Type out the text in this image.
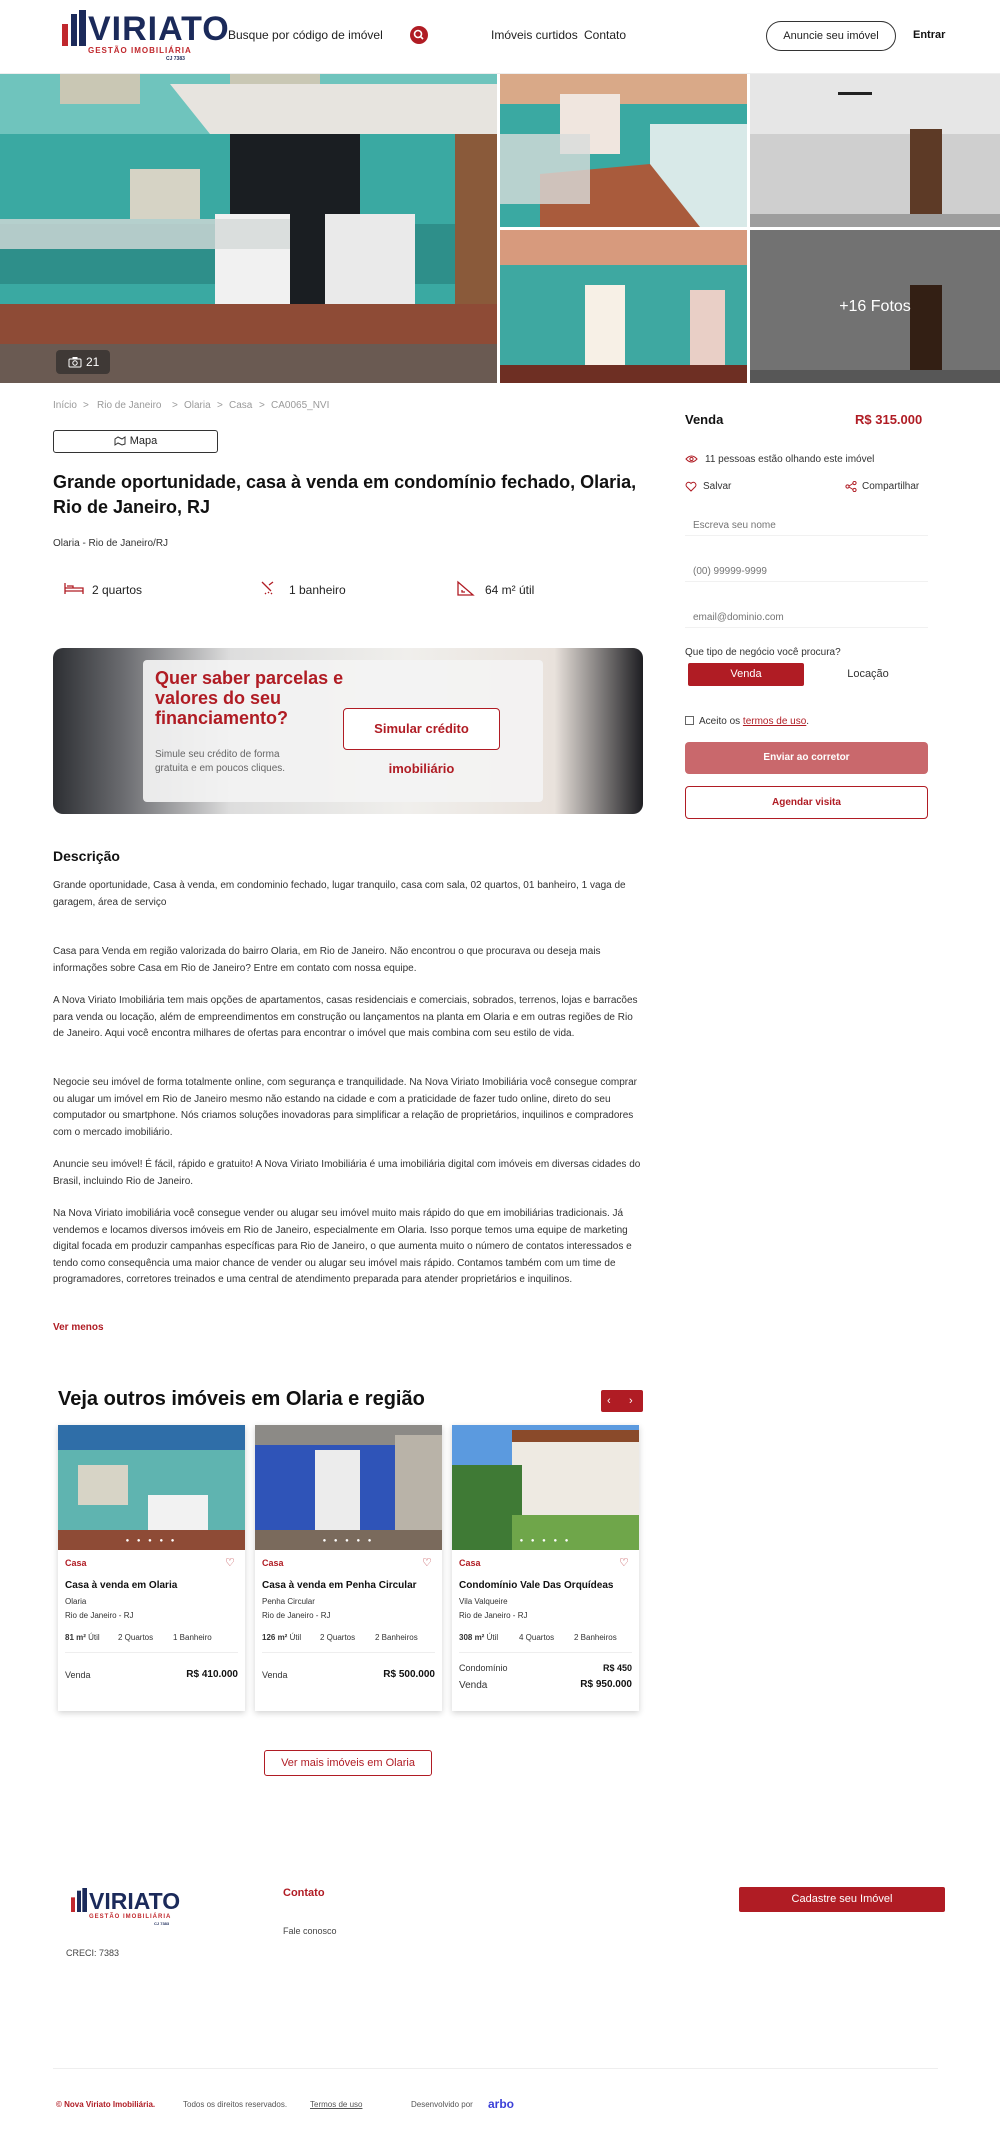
VIRIATO
GESTÃO IMOBILIÁRIA
CJ 7383
Busque por código de imóvel	Imóveis curtidos Contato	Anuncie seu imóvel	Entrar
21
+16 Fotos
Início > Rio de Janeiro > Olaria > Casa > CA0065_NVI
Mapa
Grande oportunidade, casa à venda em condomínio fechado, Olaria, Rio de Janeiro, RJ
Olaria - Rio de Janeiro/RJ
2 quartos	1 banheiro	64 m² útil
Quer saber parcelas e valores do seu financiamento?
Simule seu crédito de forma gratuita e em poucos cliques.
Simular crédito imobiliário
Descrição
Grande oportunidade, Casa à venda, em condominio fechado, lugar tranquilo, casa com sala, 02 quartos, 01 banheiro, 1 vaga de garagem, área de serviço
Casa para Venda em região valorizada do bairro Olaria, em Rio de Janeiro. Não encontrou o que procurava ou deseja mais informações sobre Casa em Rio de Janeiro? Entre em contato com nossa equipe.
A Nova Viriato Imobiliária tem mais opções de apartamentos, casas residenciais e comerciais, sobrados, terrenos, lojas e barracões para venda ou locação, além de empreendimentos em construção ou lançamentos na planta em Olaria e em outras regiões de Rio de Janeiro. Aqui você encontra milhares de ofertas para encontrar o imóvel que mais combina com seu estilo de vida.
Negocie seu imóvel de forma totalmente online, com segurança e tranquilidade. Na Nova Viriato Imobiliária você consegue comprar ou alugar um imóvel em Rio de Janeiro mesmo não estando na cidade e com a praticidade de fazer tudo online, direto do seu computador ou smartphone. Nós criamos soluções inovadoras para simplificar a relação de proprietários, inquilinos e compradores com o mercado imobiliário.
Anuncie seu imóvel! É fácil, rápido e gratuito! A Nova Viriato Imobiliária é uma imobiliária digital com imóveis em diversas cidades do Brasil, incluindo Rio de Janeiro.
Na Nova Viriato imobiliária você consegue vender ou alugar seu imóvel muito mais rápido do que em imobiliárias tradicionais. Já vendemos e locamos diversos imóveis em Rio de Janeiro, especialmente em Olaria. Isso porque temos uma equipe de marketing digital focada em produzir campanhas específicas para Rio de Janeiro, o que aumenta muito o número de contatos interessados e tendo como consequência uma maior chance de vender ou alugar seu imóvel mais rápido. Contamos também com um time de programadores, corretores treinados e uma central de atendimento preparada para atender proprietários e inquilinos.
Ver menos
Venda	R$ 315.000
11 pessoas estão olhando este imóvel
Salvar	Compartilhar
Escreva seu nome
(00) 99999-9999
email@dominio.com
Que tipo de negócio você procura?
Venda	Locação
Aceito os termos de uso.
Enviar ao corretor
Agendar visita
Veja outros imóveis em Olaria e região	‹ ›
● ● ● ● ●
Casa	♡
Casa à venda em Olaria
Olaria
Rio de Janeiro - RJ
81 m² Útil 2 Quartos 1 Banheiro
Venda	R$ 410.000
● ● ● ● ●
Casa	♡
Casa à venda em Penha Circular
Penha Circular
Rio de Janeiro - RJ
126 m² Útil 2 Quartos 2 Banheiros
Venda	R$ 500.000
● ● ● ● ●
Casa	♡
Condomínio Vale Das Orquídeas
Vila Valqueire
Rio de Janeiro - RJ
308 m² Útil	4 Quartos 2 Banheiros
Condomínio	R$ 450
Venda	R$ 950.000
Ver mais imóveis em Olaria
VIRIATO
GESTÃO IMOBILIÁRIA
CJ 7383
CRECI: 7383
Contato
Fale conosco
Cadastre seu Imóvel
© Nova Viriato Imobiliária.	Todos os direitos reservados.	Termos de uso	Desenvolvido por arbo
